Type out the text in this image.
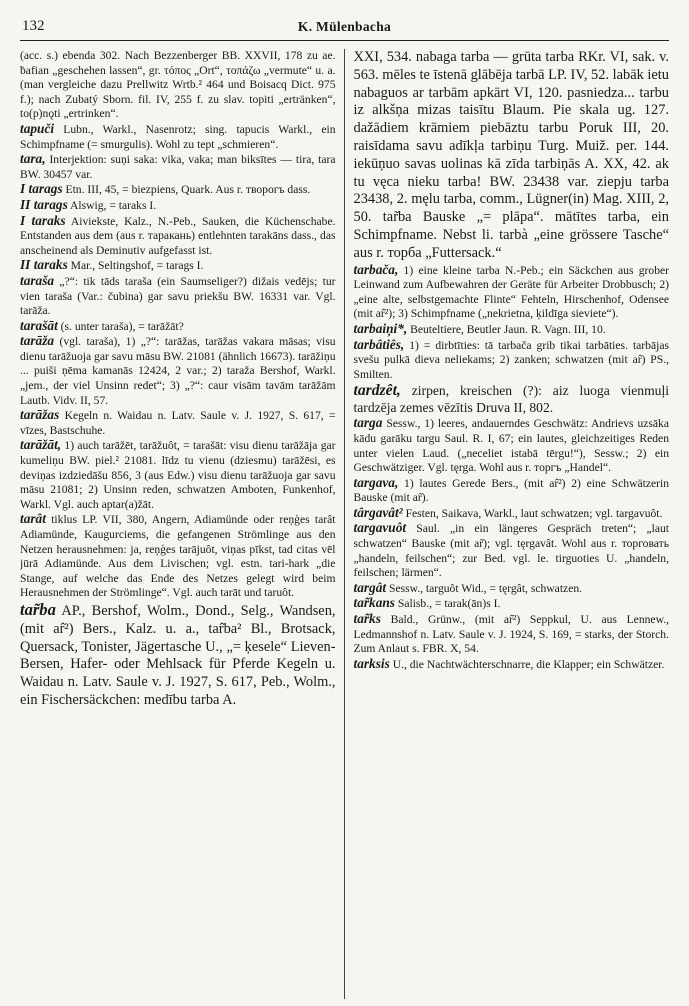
132	K. Mülenbacha

(acc. s.) ebenda 302. Nach Bezzenberger BB. XXVII, 178 zu ae. ḃafian „geschehen lassen“, gr. τόπος „Ort“, τοπάζω „vermute“ u. a. (man vergleiche dazu Prellwitz Wrtb.² 464 und Boisacq Dict. 975 f.); nach Zubatý Sborn. fil. IV, 255 f. zu slav. topiti „ertränken“, to(p)nǫti „ertrinken“.

tapuči Lubn., Warkl., Nasenrotz; sing. tapucis Warkl., ein Schimpfname (= smurgulis). Wohl zu tept „schmieren“.

tara, Interjektion: suņi saka: vika, vaka; man biksītes — tira, tara BW. 30457 var.

I tarags Etn. III, 45, = biezpiens, Quark. Aus r. творогъ dass.

II tarags Alswig, = taraks I.

I taraks Aiviekste, Kalz., N.-Peb., Sauken, die Küchenschabe. Entstanden aus dem (aus r. таракань) entlehnten tarakāns dass., das anscheinend als Deminutiv aufgefasst ist.

II taraks Mar., Seltingshof, = tarags I.

taraša „?“: tik tāds taraša (ein Saumseliger?) dižais vedējs; tur vien taraša (Var.: čubina) gar savu priekšu BW. 16331 var. Vgl. tarāža.

tarašāt (s. unter taraša), = tarāžāt?

tarāža (vgl. taraša), 1) „?“: tarāžas, tarāžas vakara māsas; visu dienu tarāžuoja gar savu māsu BW. 21081 (ähnlich 16673). tarāžiņu ... puiši ņēma kamanās 12424, 2 var.; 2) taraža Bershof, Warkl. „jem., der viel Unsinn redet“; 3) „?“: caur visām tavām tarāžām Lautb. Vidv. II, 57.

tarāžas Kegeln n. Waidau n. Latv. Saule v. J. 1927, S. 617, = vīzes, Bastschuhe.

tarāžāt, 1) auch tarāžēt, tarāžuôt, = tarašāt: visu dienu tarāžāja gar kumeliņu BW. piel.² 21081. līdz tu vienu (dziesmu) tarāžēsi, es deviņas izdziedāšu 856, 3 (aus Edw.) visu dienu tarāžuoja gar savu māsu 21081; 2) Unsinn reden, schwatzen Amboten, Funkenhof, Warkl. Vgl. auch aptar(a)žāt.

tarât tiklus LP. VII, 380, Angern, Adiamünde oder reņģes tarât Adiamünde, Kaugurciems, die gefangenen Strömlinge aus den Netzen herausnehmen: ja, reņģes tarājuôt, viņas pīkst, tad citas vēl jūrā Adiamünde. Aus dem Livischen; vgl. estn. tari-hark „die Stange, auf welche das Ende des Netzes gelegt wird beim Herausnehmen der Strömlinge“. Vgl. auch tarāt und taruôt.

tar̃ba AP., Bershof, Wolm., Dond., Selg., Wandsen, (mit ar̂²) Bers., Kalz. u. a., tar̂ba² Bl., Brotsack, Quersack, Tonister, Jägertasche U., „= ķesele“ Lieven-Bersen, Hafer- oder Mehlsack für Pferde Kegeln u. Waidau n. Latv. Saule v. J. 1927, S. 617, Peb., Wolm., ein Fischersäckchen: medību tarba A.

XXI, 534. nabaga tarba — grūta tarba RKr. VI, sak. v. 563. mēles te īstenā glābēja tarbā LP. IV, 52. labāk ietu nabaguos ar tarbām apkārt VI, 120. pasniedza... tarbu iz alkšņa mizas taisītu Blaum. Pie skala ug. 127. dažādiem krāmiem piebāztu tarbu Poruk III, 20. raisīdama savu adīkļa tarbiņu Turg. Muiž. per. 144. iekūņuo savas uolinas kā zīda tarbiņās A. XX, 42. ak tu vęca nieku tarba! BW. 23438 var. ziepju tarba 23438, 2. męlu tarba, comm., Lügner(in) Mag. XIII, 2, 50. tar̃ba Bauske „= plāpa“. mātītes tarba, ein Schimpfname. Nebst li. tarbà „eine grössere Tasche“ aus r. торба „Futtersack.“

tarbača, 1) eine kleine tarba N.-Peb.; ein Säckchen aus grober Leinwand zum Aufbewahren der Geräte für Arbeiter Drobbusch; 2) „eine alte, selbstgemachte Flinte“ Fehteln, Hirschenhof, Odensee (mit ar̂²); 3) Schimpfname („nekrietna, ķildīga sieviete“).

tarbaiņi*, Beuteltiere, Beutler Jaun. R. Vagn. III, 10.

tarbâtiês, 1) = dirbtīties: tā tarbača grib tikai tarbāties. tarbājas svešu pulkā dieva neliekams; 2) zanken; schwatzen (mit ar̂) PS., Smilten.

tardzêt, zirpen, kreischen (?): aiz luoga vienmuļi tardzēja zemes vēzītis Druva II, 802.

targa Sessw., 1) leeres, andauerndes Geschwätz: Andrievs uzsāka kādu garāku targu Saul. R. I, 67; ein lautes, gleichzeitiges Reden unter vielen Laud. („neceliet istabā tērgu!“), Sessw.; 2) ein Geschwätziger. Vgl. tęrga. Wohl aus r. торгъ „Handel“.

targava, 1) lautes Gerede Bers., (mit ar̂²) 2) eine Schwätzerin Bauske (mit ar̃).

târgavât² Festen, Saikava, Warkl., laut schwatzen; vgl. targavuôt.

targavuôt Saul. „in ein längeres Gespräch treten“; „laut schwatzen“ Bauske (mit ar̃); vgl. tęrgavât. Wohl aus r. торговать „handeln, feilschen“; zur Bed. vgl. le. tirguoties U. „handeln, feilschen; lärmen“.

targât Sessw., targuôt Wid., = tęrgât, schwatzen.

tar̃kans Salisb., = tarak(ān)s I.

tar̃ks Bald., Grünw., (mit ar̂²) Seppkul, U. aus Lennew., Ledmannshof n. Latv. Saule v. J. 1924, S. 169, = starks, der Storch. Zum Anlaut s. FBR. X, 54.

tarksis U., die Nachtwächterschnarre, die Klapper; ein Schwätzer.
